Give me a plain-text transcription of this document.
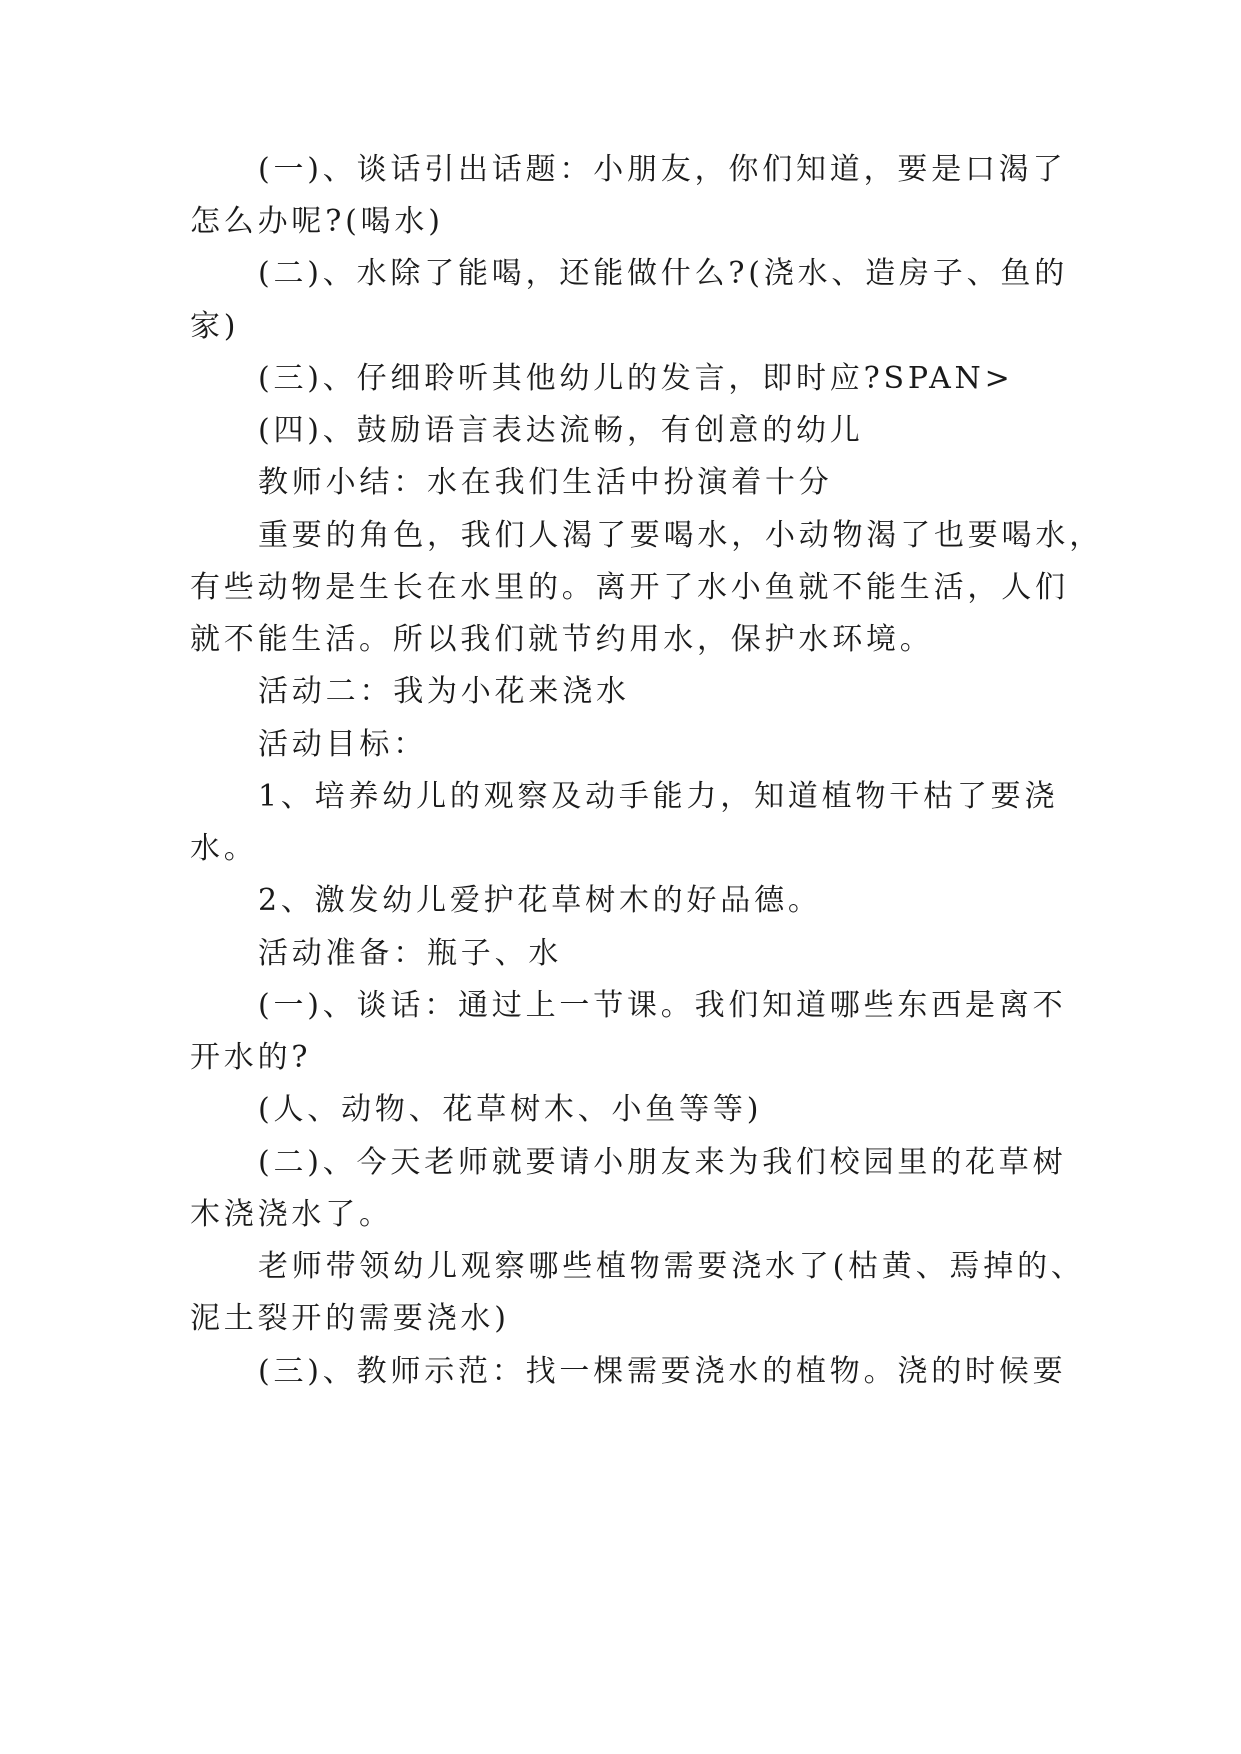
(一)、谈话引出话题：小朋友，你们知道，要是口渴了
怎么办呢?(喝水)
(二)、水除了能喝，还能做什么?(浇水、造房子、鱼的
家)
(三)、仔细聆听其他幼儿的发言，即时应?SPAN>
(四)、鼓励语言表达流畅，有创意的幼儿
教师小结：水在我们生活中扮演着十分
重要的角色，我们人渴了要喝水，小动物渴了也要喝水，
有些动物是生长在水里的。离开了水小鱼就不能生活，人们
就不能生活。所以我们就节约用水，保护水环境。
活动二：我为小花来浇水
活动目标：
1、培养幼儿的观察及动手能力，知道植物干枯了要浇
水。
2、激发幼儿爱护花草树木的好品德。
活动准备：瓶子、水
(一)、谈话：通过上一节课。我们知道哪些东西是离不
开水的?
(人、动物、花草树木、小鱼等等)
(二)、今天老师就要请小朋友来为我们校园里的花草树
木浇浇水了。
老师带领幼儿观察哪些植物需要浇水了(枯黄、焉掉的、
泥土裂开的需要浇水)
(三)、教师示范：找一棵需要浇水的植物。浇的时候要
